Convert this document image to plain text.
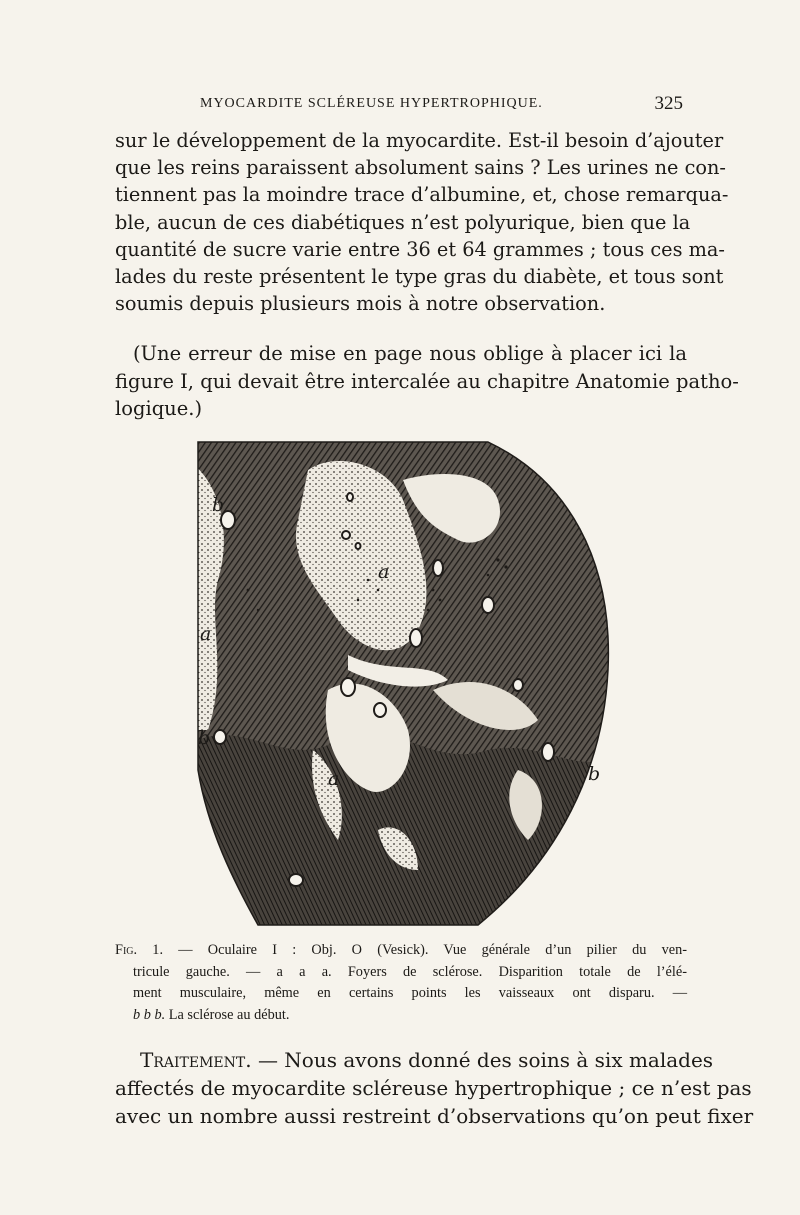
MYOCARDITE SCLÉREUSE HYPERTROPHIQUE.	325
sur le développement de la myocardite. Est-il besoin d’ajouter
que les reins paraissent absolument sains ? Les urines ne con-
tiennent pas la moindre trace d’albumine, et, chose remarqua-
ble, aucun de ces diabétiques n’est polyurique, bien que la
quantité de sucre varie entre 36 et 64 grammes ; tous ces ma-
lades du reste présentent le type gras du diabète, et tous sont
soumis depuis plusieurs mois à notre observation.
(Une erreur de mise en page nous oblige à placer ici la
figure I, qui devait être intercalée au chapitre Anatomie patho-
logique.)
b
a
a
b
a	b
Fig. 1. — Oculaire I : Obj. O (Vesick). Vue générale d’un pilier du ven-
tricule gauche. — a a a. Foyers de sclérose. Disparition totale de l’élé-
ment musculaire, même en certains points les vaisseaux ont disparu. —
b b b. La sclérose au début.
Traitement. — Nous avons donné des soins à six malades
affectés de myocardite scléreuse hypertrophique ; ce n’est pas
avec un nombre aussi restreint d’observations qu’on peut fixer
